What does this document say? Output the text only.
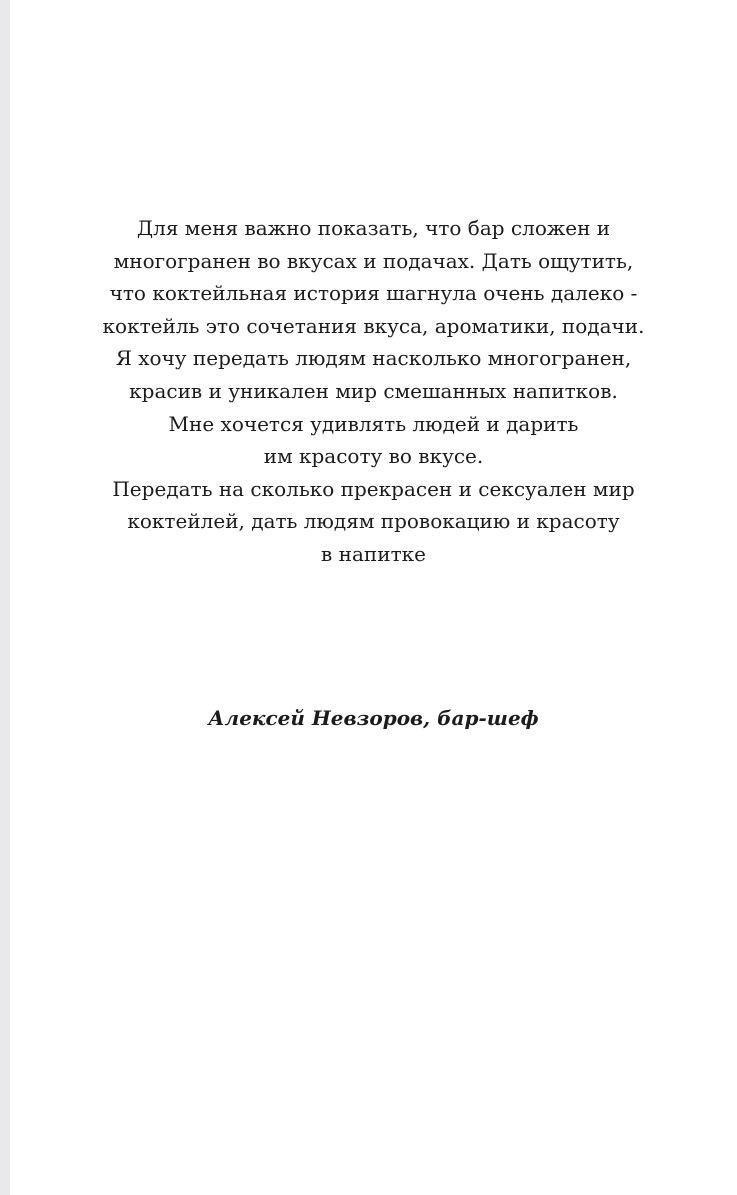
Для меня важно показать, что бар сложен и
многогранен во вкусах и подачах. Дать ощутить,
что коктейльная история шагнула очень далеко -
коктейль это сочетания вкуса, ароматики, подачи.
Я хочу передать людям насколько многогранен,
красив и уникален мир смешанных напитков.
Мне хочется удивлять людей и дарить
им красоту во вкусе.
Передать на сколько прекрасен и сексуален мир
коктейлей, дать людям провокацию и красоту
в напитке

Алексей Невзоров, бар-шеф
